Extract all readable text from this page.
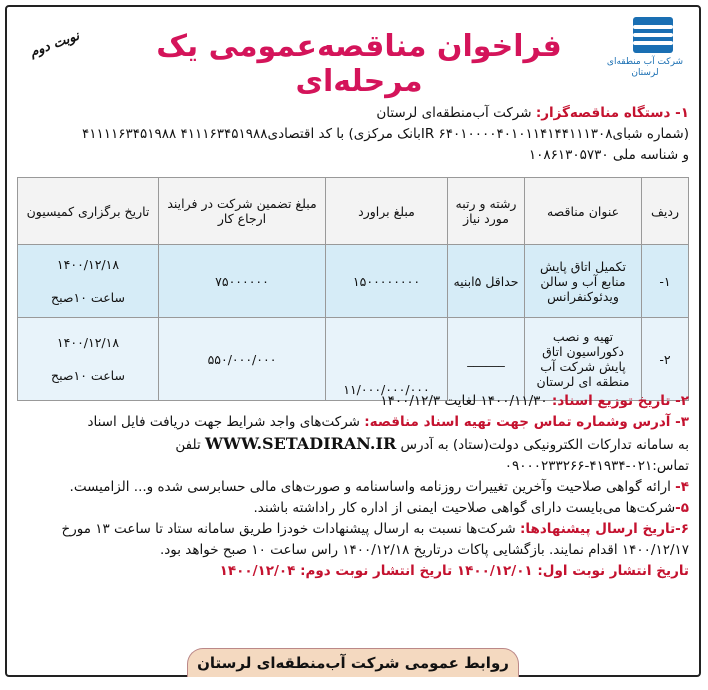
شرکت آب منطقه‌ای لرستان
فراخوان مناقصه‌عمومی یک مرحله‌ای
نوبت دوم
۱- دستگاه مناقصه‌گزار: شرکت آب‌منطقه‌ای لرستان
(شماره شبای۶۴۰۱۰۰۰۰۴۰۱۰۱۱۴۱۴۴۱۱۱۳۰۸ IRبانک مرکزی) با کد اقتصادی۴۱۱۱۶۳۴۵۱۹۸۸ ۴۱۱۱۱۶۳۴۵۱۹۸۸
و شناسه ملی ۱۰۸۶۱۳۰۵۷۳۰
ردیف	عنوان مناقصه	رشته و رتبه مورد نیاز	مبلغ براورد	مبلغ تضمین شرکت در فرایند ارجاع کار	تاریخ برگزاری کمیسیون
۱-	تکمیل اتاق پایش منابع آب و سالن ویدئوکنفرانس	حداقل ۵ابنیه	۱۵۰۰۰۰۰۰۰۰	۷۵۰۰۰۰۰۰	۱۴۰۰/۱۲/۱۸
ساعت ۱۰صبح

۲-	تهیه و نصب دکوراسیون اتاق پایش شرکت آب منطقه ای لرستان	______	۱۱/۰۰۰/۰۰۰/۰۰۰	۵۵۰/۰۰۰/۰۰۰	۱۴۰۰/۱۲/۱۸
ساعت ۱۰صبح
۲- تاریخ توزیع اسناد: ۱۴۰۰/۱۱/۳۰ لغایت ۱۴۰۰/۱۲/۳
۳- آدرس وشماره تماس جهت تهیه اسناد مناقصه: شرکت‌های واجد شرایط جهت دریافت فایل اسناد
به سامانه تدارکات الکترونیکی دولت(ستاد) به آدرس WWW.SETADIRAN.IR تلفن
تماس:۰۲۱-۴۱۹۳۴-۰۹۰۰۰۲۳۳۲۶۶
۴- ارائه گواهی صلاحیت وآخرین تغییرات روزنامه واساسنامه و صورت‌های مالی حسابرسی شده و... الزامیست.
۵-شرکت‌ها می‌بایست دارای گواهی صلاحیت ایمنی از اداره کار راداشته باشند.
۶-تاریخ ارسال پیشنهادها: شرکت‌ها نسبت به ارسال پیشنهادات خودزا طریق سامانه ستاد تا ساعت ۱۳ مورخ ۱۴۰۰/۱۲/۱۷ اقدام نمایند. بازگشایی پاکات درتاریخ ۱۴۰۰/۱۲/۱۸ راس ساعت ۱۰ صبح خواهد بود.
تاریخ انتشار نوبت اول: ۱۴۰۰/۱۲/۰۱ تاریخ انتشار نوبت دوم: ۱۴۰۰/۱۲/۰۴
روابط عمومی شرکت آب‌منطقه‌ای لرستان
